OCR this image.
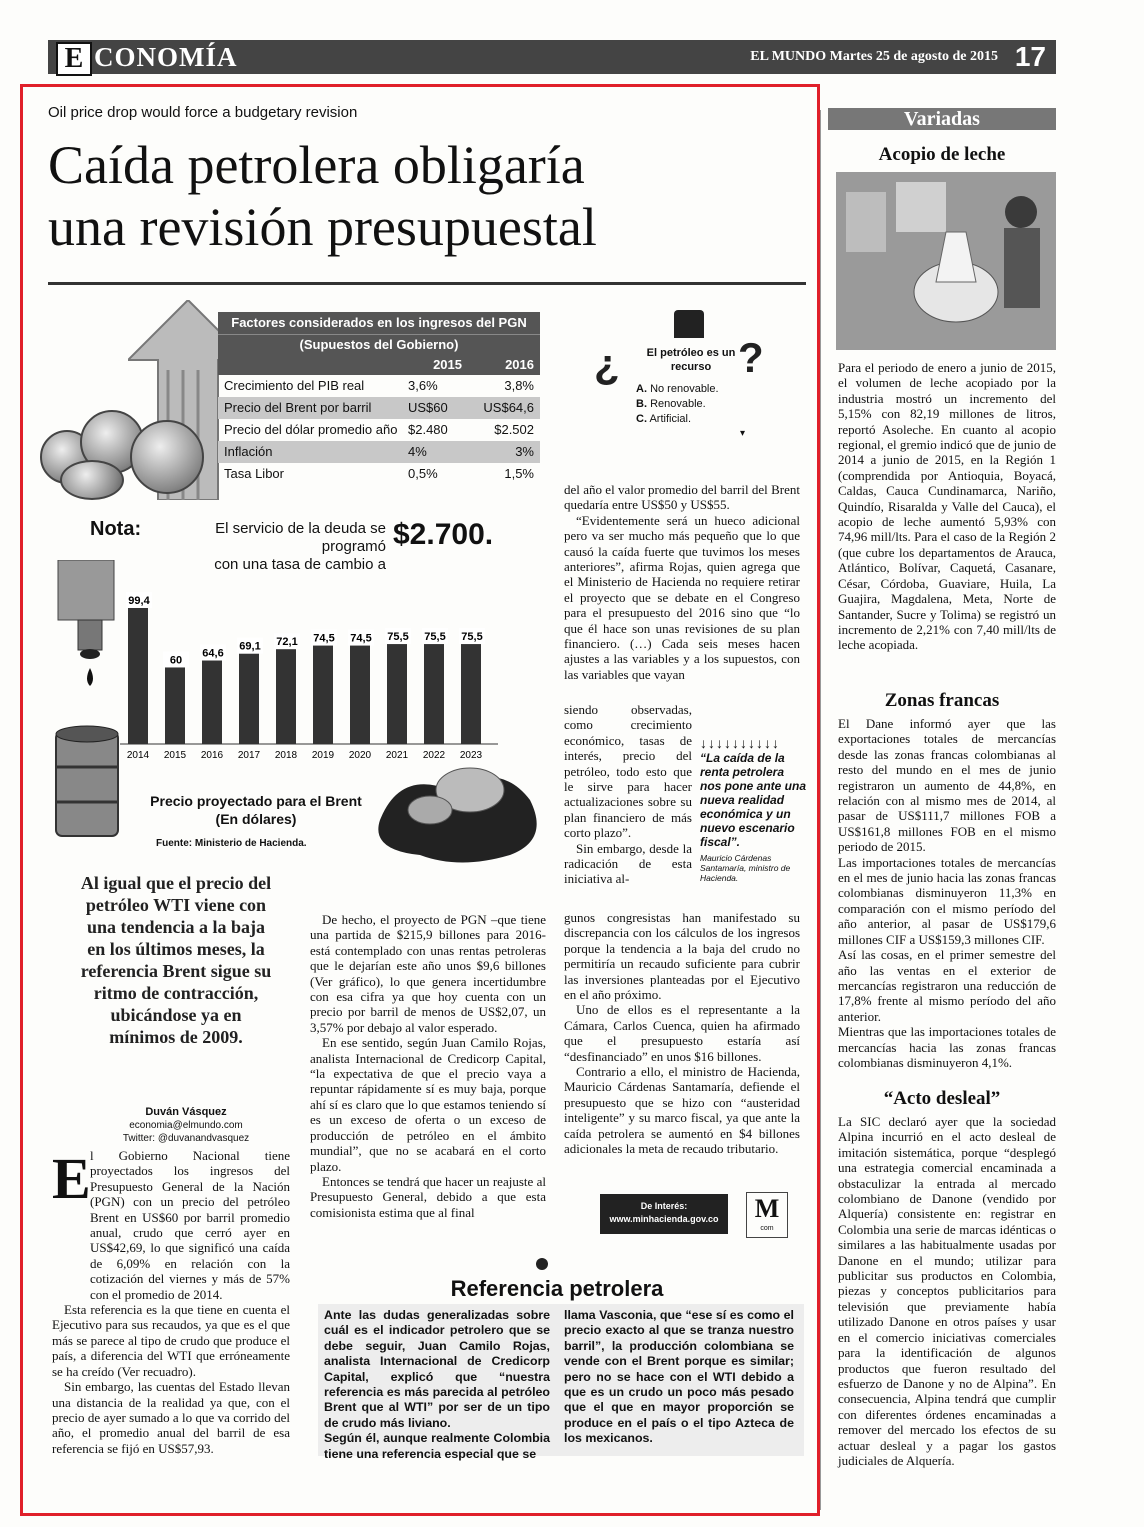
E CONOMÍA	EL MUNDO Martes 25 de agosto de 2015 17
Oil price drop would force a budgetary revision
Caída petrolera obligaría
una revisión presupuestal
Factores considerados en los ingresos del PGN
(Supuestos del Gobierno)
2015	2016
Crecimiento del PIB real	3,6%	3,8%
Precio del Brent por barril	US$60	US$64,6
Precio del dólar promedio año $2.480	$2.502
Inflación	4%	3%
Tasa Libor	0,5%	1,5%
Nota:	El servicio de la deuda se programó
con una tasa de cambio a
$2.700.
99,4
2014
60
2015
64,6
2016
69,1
2017
72,1
2018
74,5
2019
74,5
2020
75,5
2021
75,5
2022
75,5
2023
Precio proyectado para el Brent
(En dólares)
Fuente: Ministerio de Hacienda.
¿	?
El petróleo es un recurso
A. No renovable.
B. Renovable.
C. Artificial.
▾
Al igual que el precio del petróleo WTI viene con una tendencia a la baja en los últimos meses, la referencia Brent sigue su ritmo de contracción, ubicándose ya en mínimos de 2009.
Duván Vásquez
economia@elmundo.com
Twitter: @duvanandvasquez
E l Gobierno Nacional tiene proyectados los ingresos del Presupuesto General de la Nación (PGN) con un precio del petróleo Brent en US$60 por barril promedio anual, crudo que cerró ayer en US$42,69, lo que significó una caída de 6,09% en relación con la cotización del viernes y más de 57% con el promedio de 2014.

Esta referencia es la que tiene en cuenta el Ejecutivo para sus recaudos, ya que es el que más se parece al tipo de crudo que produce el país, a diferencia del WTI que erróneamente se ha creído (Ver recuadro).

Sin embargo, las cuentas del Estado llevan una distancia de la realidad ya que, con el precio de ayer sumado a lo que va corrido del año, el promedio anual del barril de esa referencia se fijó en US$57,93.

De hecho, el proyecto de PGN –que tiene una partida de $215,9 billones para 2016- está contemplado con unas rentas petroleras que le dejarían este año unos $9,6 billones (Ver gráfico), lo que genera incertidumbre con esa cifra ya que hoy cuenta con un precio por barril de menos de US$2,07, un 3,57% por debajo al valor esperado.

En ese sentido, según Juan Camilo Rojas, analista Internacional de Credicorp Capital, “la expectativa de que el precio vaya a repuntar rápidamente sí es muy baja, porque ahí sí es claro que lo que estamos teniendo sí es un exceso de oferta o un exceso de producción de petróleo en el ámbito mundial”, que no se acabará en el corto plazo.

Entonces se tendrá que hacer un reajuste al Presupuesto General, debido a que esta comisionista estima que al final

del año el valor promedio del barril del Brent quedaría entre US$50 y US$55.

“Evidentemente será un hueco adicional pero va ser mucho más pequeño que lo que causó la caída fuerte que tuvimos los meses anteriores”, afirma Rojas, quien agrega que el Ministerio de Hacienda no requiere retirar el proyecto que se debate en el Congreso para el presupuesto del 2016 sino que “lo que él hace son unas revisiones de su plan financiero. (…) Cada seis meses hacen ajustes a las variables y a los supuestos, con las variables que vayan

siendo observadas, como crecimiento económico, tasas de interés, precio del petróleo, todo esto que le sirve para hacer actualizaciones sobre su plan financiero de más corto plazo”.

Sin embargo, desde la radicación de esta iniciativa al-

gunos congresistas han manifestado su discrepancia con los cálculos de los ingresos porque la tendencia a la baja del crudo no permitiría un recaudo suficiente para cubrir las inversiones planteadas por el Ejecutivo en el año próximo.

Uno de ellos es el representante a la Cámara, Carlos Cuenca, quien ha afirmado que el presupuesto estaría así “desfinanciado” en unos $16 billones.

Contrario a ello, el ministro de Hacienda, Mauricio Cárdenas Santamaría, defiende el presupuesto que se hizo con “austeridad inteligente” y su marco fiscal, ya que ante la caída petrolera se aumentó en $4 billones adicionales la meta de recaudo tributario.

↓↓↓↓↓↓↓↓↓↓
“La caída de la renta petrolera nos pone ante una nueva realidad económica y un nuevo escenario fiscal”.
Mauricio Cárdenas Santamaría, ministro de Hacienda.
De Interés:
www.minhacienda.gov.co	M
com
Referencia petrolera
Ante las dudas generalizadas sobre cuál es el indicador petrolero que se debe seguir, Juan Camilo Rojas, analista Internacional de Credicorp Capital, explicó que “nuestra referencia es más parecida al petróleo Brent que al WTI” por ser de un tipo de crudo más liviano.
Según él, aunque realmente Colombia tiene una referencia especial que se
llama Vasconia, que “ese sí es como el precio exacto al que se tranza nuestro barril”, la producción colombiana se vende con el Brent porque es similar; pero no se hace con el WTI debido a que es un crudo un poco más pesado que el que en mayor proporción se produce en el país o el tipo Azteca de los mexicanos.
Variadas
Acopio de leche

Para el periodo de enero a junio de 2015, el volumen de leche acopiado por la industria mostró un incremento del 5,15% con 82,19 millones de litros, reportó Asoleche. En cuanto al acopio regional, el gremio indicó que de junio de 2014 a junio de 2015, en la Región 1 (comprendida por Antioquia, Boyacá, Caldas, Cauca Cundinamarca, Nariño, Quindío, Risaralda y Valle del Cauca), el acopio de leche aumentó 5,93% con 74,96 mill/lts. Para el caso de la Región 2 (que cubre los departamentos de Arauca, Atlántico, Bolívar, Caquetá, Casanare, César, Córdoba, Guaviare, Huila, La Guajira, Magdalena, Meta, Norte de Santander, Sucre y Tolima) se registró un incremento de 2,21% con 7,40 mill/lts de leche acopiada.

Zonas francas

El Dane informó ayer que las exportaciones totales de mercancías desde las zonas francas colombianas al resto del mundo en el mes de junio registraron un aumento de 44,8%, en relación con al mismo mes de 2014, al pasar de US$111,7 millones FOB a US$161,8 millones FOB en el mismo periodo de 2015.

Las importaciones totales de mercancías en el mes de junio hacia las zonas francas colombianas disminuyeron 11,3% en comparación con el mismo período del año anterior, al pasar de US$179,6 millones CIF a US$159,3 millones CIF.

Así las cosas, en el primer semestre del año las ventas en el exterior de mercancías registraron una reducción de 17,8% frente al mismo período del año anterior.

Mientras que las importaciones totales de mercancías hacia las zonas francas colombianas disminuyeron 4,1%.

“Acto desleal”

La SIC declaró ayer que la sociedad Alpina incurrió en el acto desleal de imitación sistemática, porque “desplegó una estrategia comercial encaminada a obstaculizar la entrada al mercado colombiano de Danone (vendido por Alquería) consistente en: registrar en Colombia una serie de marcas idénticas o similares a las habitualmente usadas por Danone en el mundo; utilizar para publicitar sus productos en Colombia, piezas y conceptos publicitarios para televisión que previamente había utilizado Danone en otros países y usar en el comercio iniciativas comerciales para la identificación de algunos productos que fueron resultado del esfuerzo de Danone y no de Alpina”. En consecuencia, Alpina tendrá que cumplir con diferentes órdenes encaminadas a remover del mercado los efectos de su actuar desleal y a pagar los gastos judiciales de Alquería.
